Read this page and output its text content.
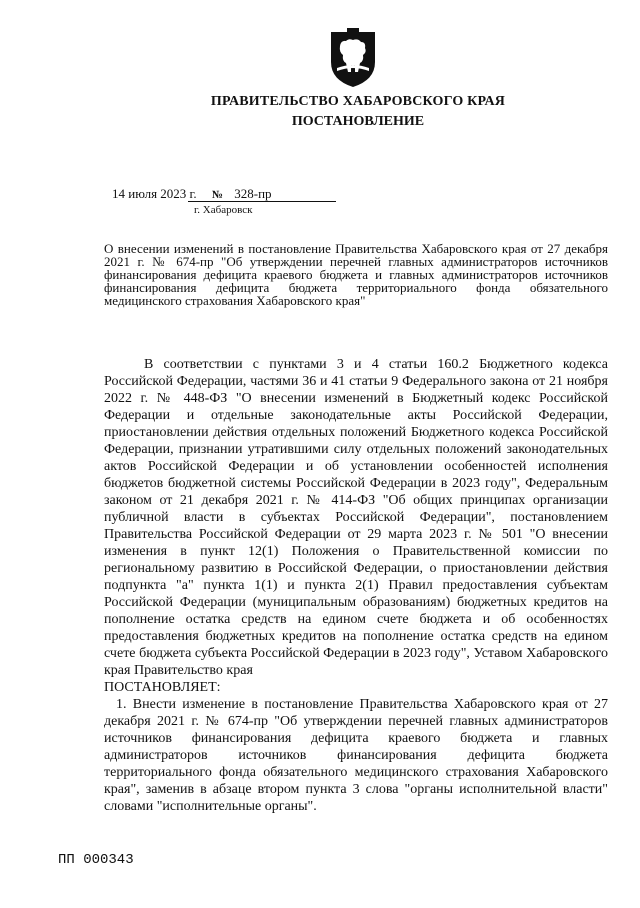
ПРАВИТЕЛЬСТВО ХАБАРОВСКОГО КРАЯ
ПОСТАНОВЛЕНИЕ
14 июля 2023 г. № 328-пр
г. Хабаровск
О внесении изменений в постановление Правительства Хабаровского края от 27 декабря 2021 г. № 674-пр "Об утверждении перечней главных администраторов источников финансирования дефицита краевого бюджета и главных администраторов источников финансирования дефицита бюджета территориального фонда обязательного медицинского страхования Хабаровского края"

В соответствии с пунктами 3 и 4 статьи 160.2 Бюджетного кодекса Российской Федерации, частями 36 и 41 статьи 9 Федерального закона от 21 ноября 2022 г. № 448-ФЗ "О внесении изменений в Бюджетный кодекс Российской Федерации и отдельные законодательные акты Российской Федерации, приостановлении действия отдельных положений Бюджетного кодекса Российской Федерации, признании утратившими силу отдельных положений законодательных актов Российской Федерации и об установлении особенностей исполнения бюджетов бюджетной системы Российской Федерации в 2023 году", Федеральным законом от 21 декабря 2021 г. № 414-ФЗ "Об общих принципах организации публичной власти в субъектах Российской Федерации", постановлением Правительства Российской Федерации от 29 марта 2023 г. № 501 "О внесении изменения в пункт 12(1) Положения о Правительственной комиссии по региональному развитию в Российской Федерации, о приостановлении действия подпункта "а" пункта 1(1) и пункта 2(1) Правил предоставления субъектам Российской Федерации (муниципальным образованиям) бюджетных кредитов на пополнение остатка средств на едином счете бюджета и об особенностях предоставления бюджетных кредитов на пополнение остатка средств на едином счете бюджета субъекта Российской Федерации в 2023 году", Уставом Хабаровского края Правительство края

ПОСТАНОВЛЯЕТ:

1. Внести изменение в постановление Правительства Хабаровского края от 27 декабря 2021 г. № 674-пр "Об утверждении перечней главных администраторов источников финансирования дефицита краевого бюджета и главных администраторов источников финансирования дефицита бюджета территориального фонда обязательного медицинского страхования Хабаровского края", заменив в абзаце втором пункта 3 слова "органы исполнительной власти" словами "исполнительные органы".

ПП 000343
